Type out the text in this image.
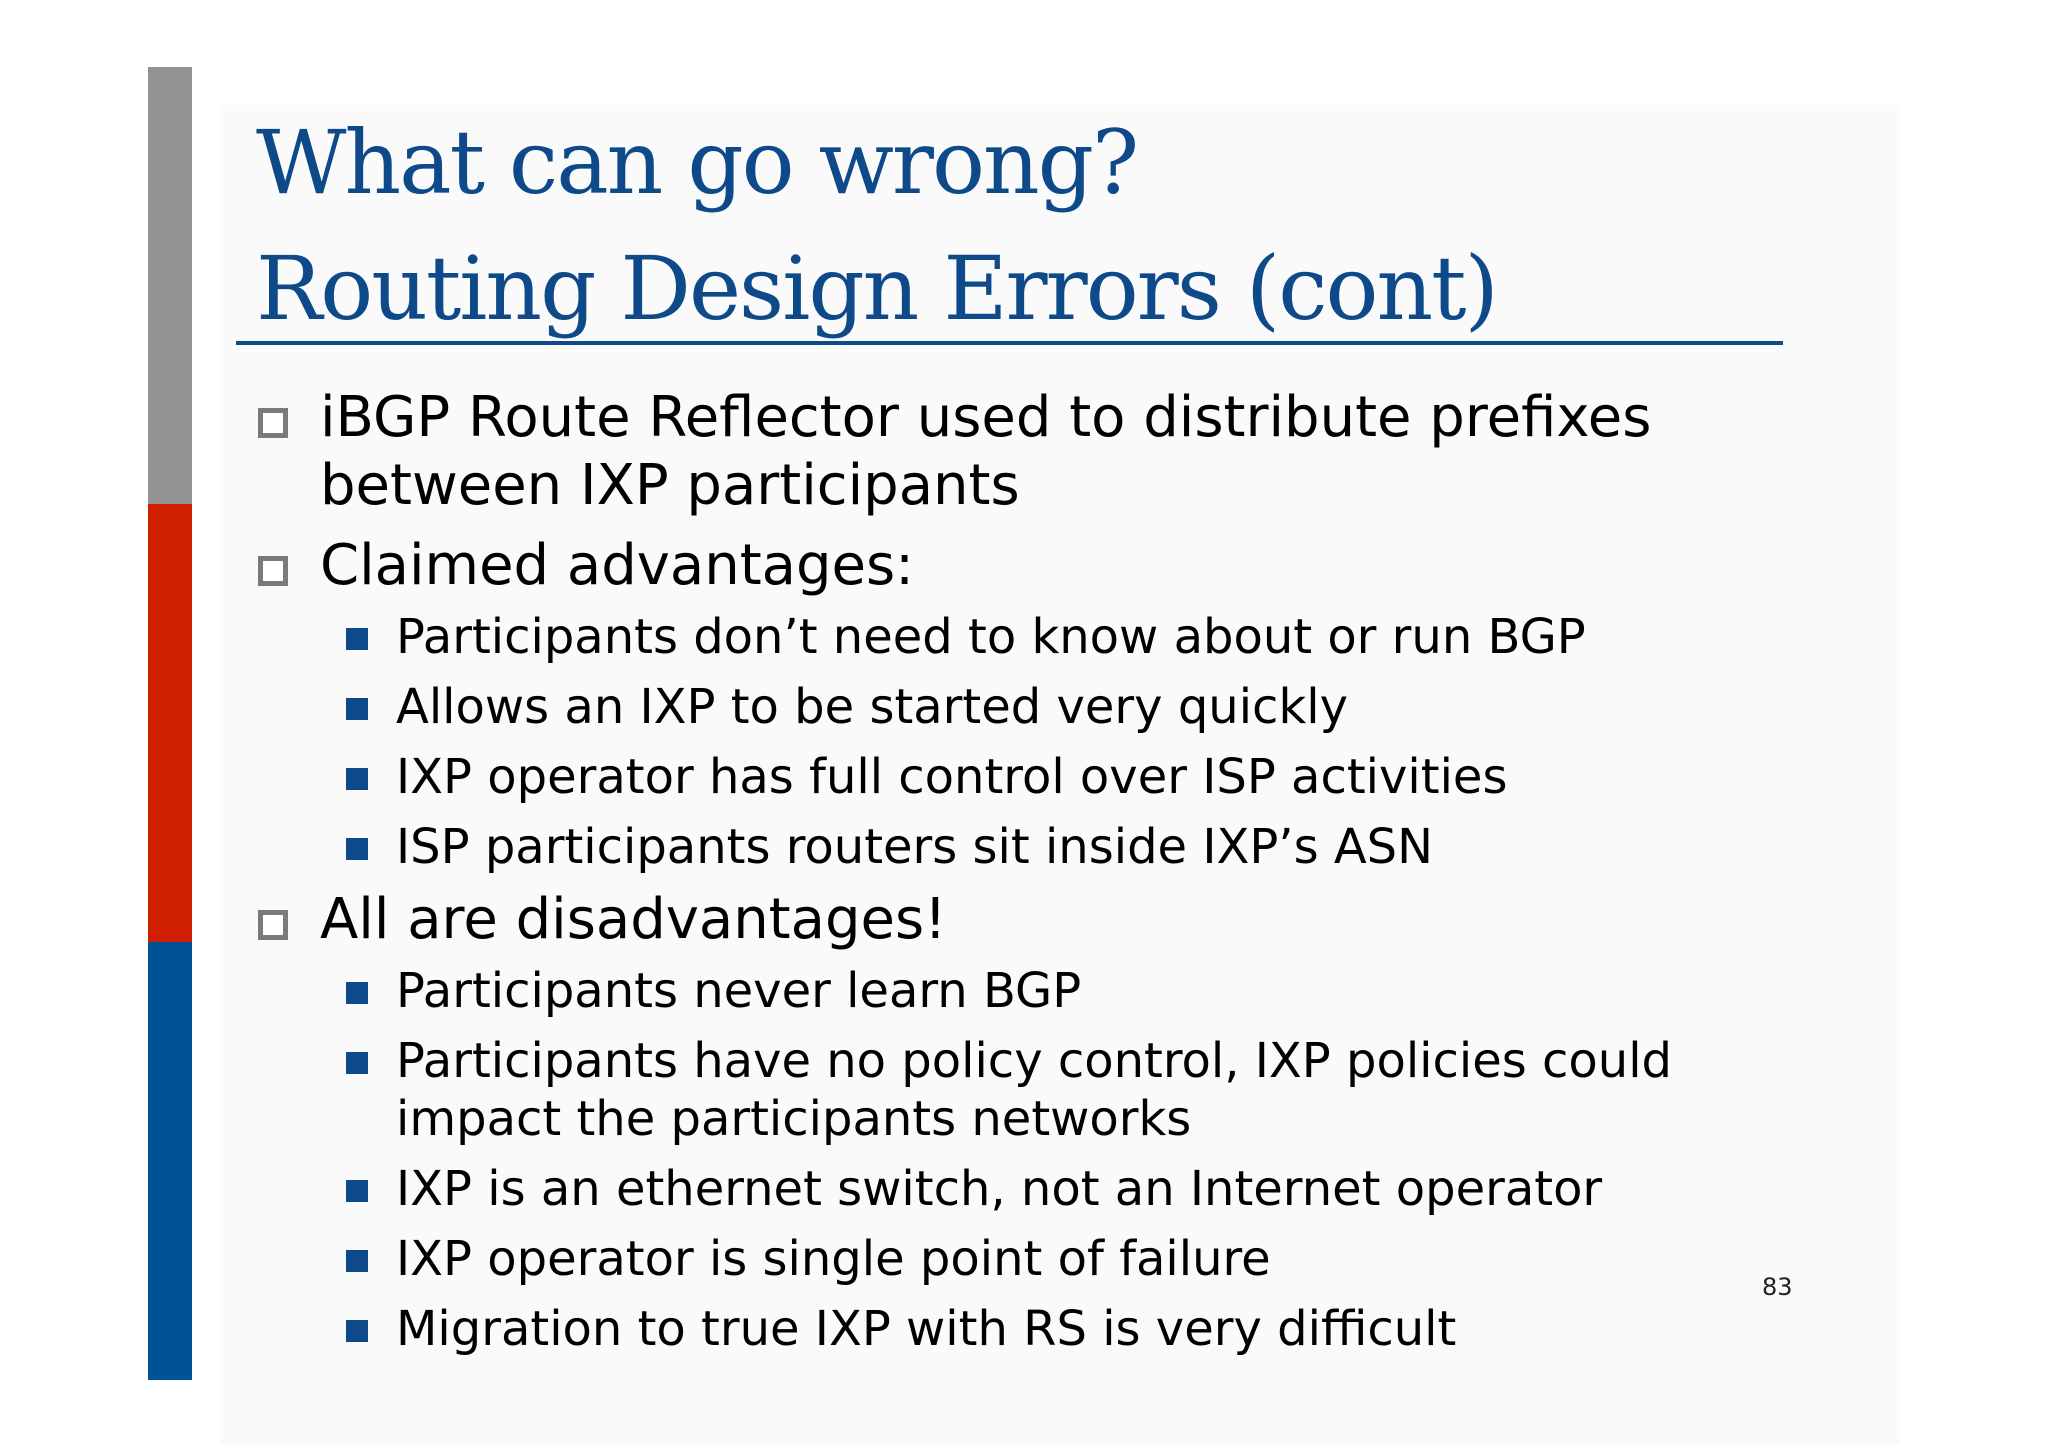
What can go wrong?
Routing Design Errors (cont)
iBGP Route Reflector used to distribute prefixes
between IXP participants
Claimed advantages:
Participants don’t need to know about or run BGP
Allows an IXP to be started very quickly
IXP operator has full control over ISP activities
ISP participants routers sit inside IXP’s ASN
All are disadvantages!
Participants never learn BGP
Participants have no policy control, IXP policies could
impact the participants networks
IXP is an ethernet switch, not an Internet operator
IXP operator is single point of failure
Migration to true IXP with RS is very difficult
83
